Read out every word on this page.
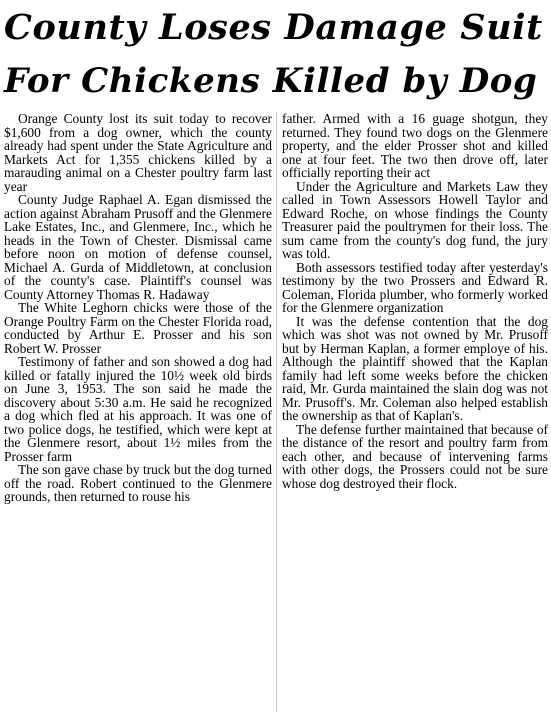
County Loses Damage Suit
For Chickens Killed by Dog

Orange County lost its suit today to recover $1,600 from a dog owner, which the county already had spent under the State Agriculture and Markets Act for 1,355 chickens killed by a marauding animal on a Chester poultry farm last year

County Judge Raphael A. Egan dismissed the action against Abraham Prusoff and the Glenmere Lake Estates, Inc., and Glenmere, Inc., which he heads in the Town of Chester. Dismissal came before noon on motion of defense counsel, Michael A. Gurda of Middletown, at conclusion of the county's case. Plaintiff's counsel was County Attorney Thomas R. Hadaway

The White Leghorn chicks were those of the Orange Poultry Farm on the Chester Florida road, conducted by Arthur E. Prosser and his son Robert W. Prosser

Testimony of father and son showed a dog had killed or fatally injured the 10½ week old birds on June 3, 1953. The son said he made the discovery about 5:30 a.m. He said he recognized a dog which fled at his approach. It was one of two police dogs, he testified, which were kept at the Glenmere resort, about 1½ miles from the Prosser farm

The son gave chase by truck but the dog turned off the road. Robert continued to the Glenmere grounds, then returned to rouse his

father. Armed with a 16 guage shotgun, they returned. They found two dogs on the Glenmere property, and the elder Prosser shot and killed one at four feet. The two then drove off, later officially reporting their act

Under the Agriculture and Markets Law they called in Town Assessors Howell Taylor and Edward Roche, on whose findings the County Treasurer paid the poultrymen for their loss. The sum came from the county's dog fund, the jury was told.

Both assessors testified today after yesterday's testimony by the two Prossers and Edward R. Coleman, Florida plumber, who formerly worked for the Glenmere organization

It was the defense contention that the dog which was shot was not owned by Mr. Prusoff but by Herman Kaplan, a former employe of his. Although the plaintiff showed that the Kaplan family had left some weeks before the chicken raid, Mr. Gurda maintained the slain dog was not Mr. Prusoff's. Mr. Coleman also helped establish the ownership as that of Kaplan's.

The defense further maintained that because of the distance of the resort and poultry farm from each other, and because of intervening farms with other dogs, the Prossers could not be sure whose dog destroyed their flock.
